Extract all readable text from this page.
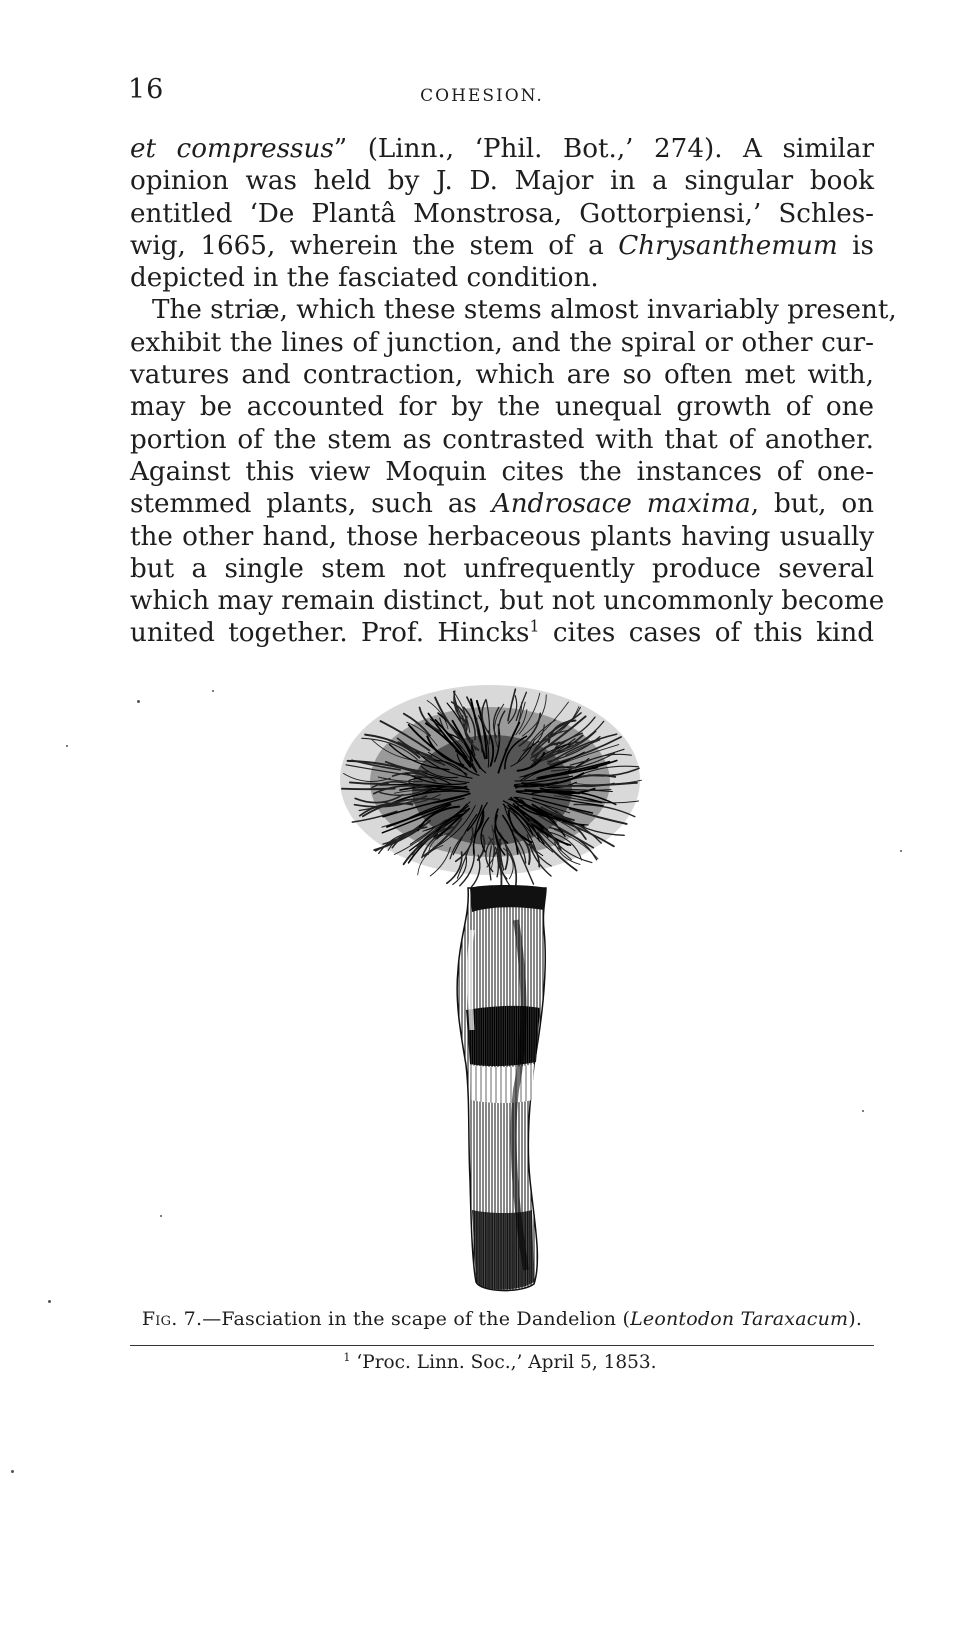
16	COHESION.
et compressus” (Linn., ‘Phil. Bot.,’ 274). A similar
opinion was held by J. D. Major in a singular book
entitled ‘De Plantâ Monstrosa, Gottorpiensi,’ Schles-
wig, 1665, wherein the stem of a Chrysanthemum is
depicted in the fasciated condition.
The striæ, which these stems almost invariably present,
exhibit the lines of junction, and the spiral or other cur-
vatures and contraction, which are so often met with,
may be accounted for by the unequal growth of one
portion of the stem as contrasted with that of another.
Against this view Moquin cites the instances of one-
stemmed plants, such as Androsace maxima, but, on
the other hand, those herbaceous plants having usually
but a single stem not unfrequently produce several
which may remain distinct, but not uncommonly become
united together. Prof. Hincks$^1$ cites cases of this kind
Fig. 7.—Fasciation in the scape of the Dandelion (Leontodon Taraxacum).
$^1$ ‘Proc. Linn. Soc.,’ April 5, 1853.
